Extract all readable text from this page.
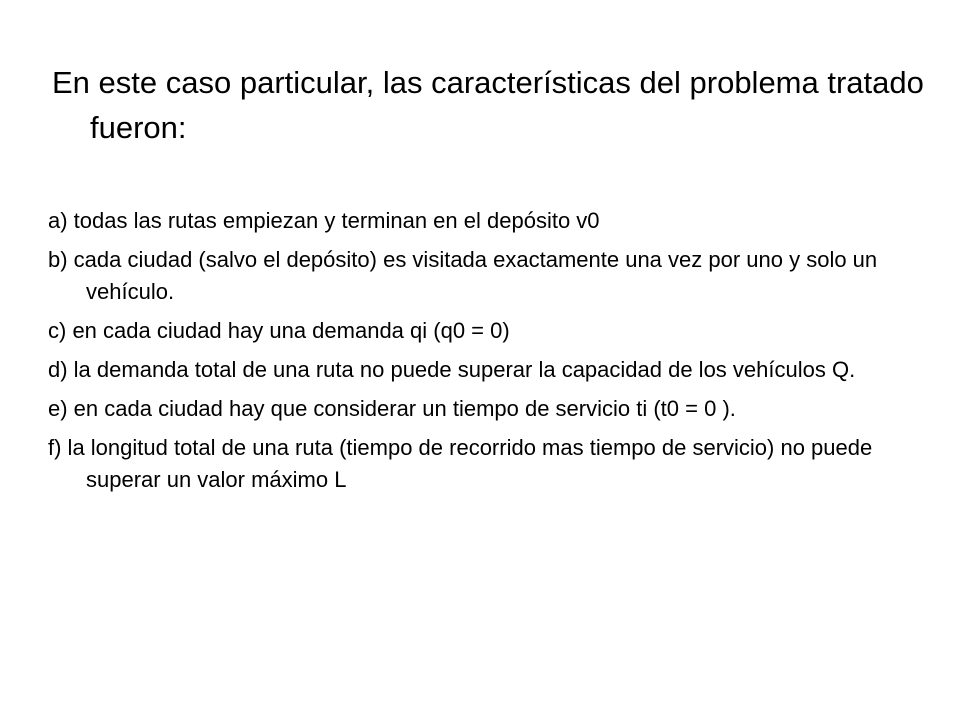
En este caso particular, las características del problema tratado fueron:
a) todas las rutas empiezan y terminan en el depósito v0
b) cada ciudad (salvo el depósito) es visitada exactamente una vez por uno y solo un vehículo.
c) en cada ciudad hay una demanda qi (q0 = 0)
d) la demanda total de una ruta no puede superar la capacidad de los vehículos Q.
e) en cada ciudad hay que considerar un tiempo de servicio ti (t0 = 0 ).
f) la longitud total de una ruta (tiempo de recorrido mas tiempo de servicio) no puede superar un valor máximo L
